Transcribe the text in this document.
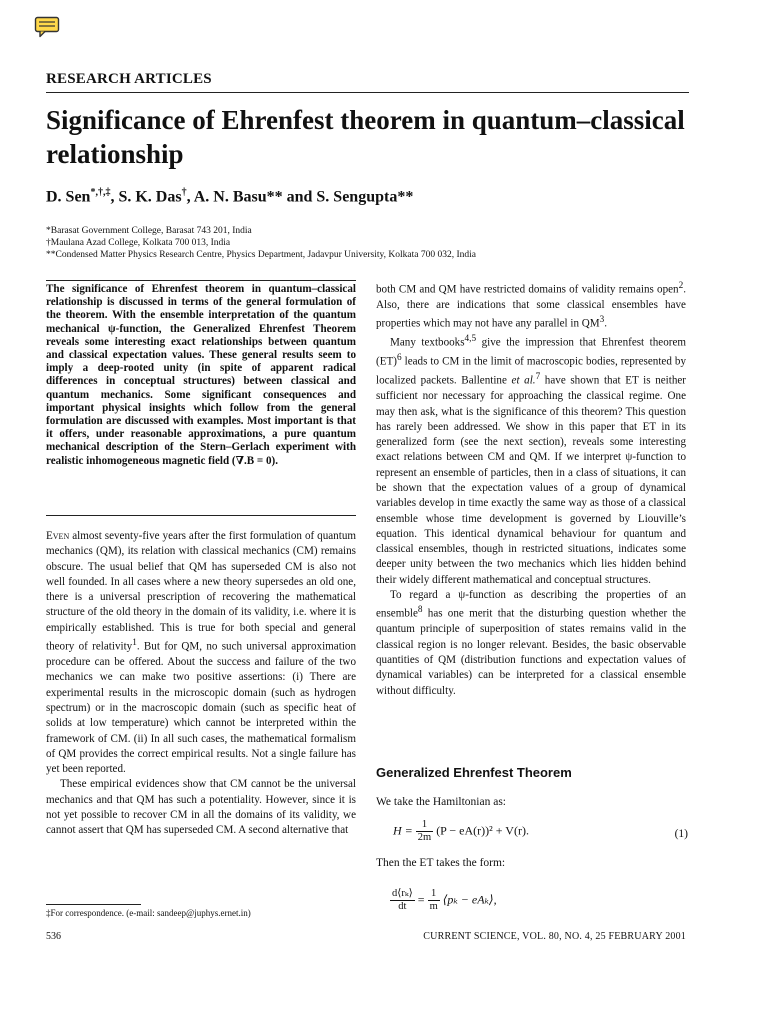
RESEARCH ARTICLES
Significance of Ehrenfest theorem in quantum–classical relationship
D. Sen*,†,‡, S. K. Das†, A. N. Basu** and S. Sengupta**
*Barasat Government College, Barasat 743 201, India
†Maulana Azad College, Kolkata 700 013, India
**Condensed Matter Physics Research Centre, Physics Department, Jadavpur University, Kolkata 700 032, India
The significance of Ehrenfest theorem in quantum–classical relationship is discussed in terms of the general formulation of the theorem. With the ensemble interpretation of the quantum mechanical ψ-function, the Generalized Ehrenfest Theorem reveals some interesting exact relationships between quantum and classical expectation values. These general results seem to imply a deep-rooted unity (in spite of apparent radical differences in conceptual structures) between classical and quantum mechanics. Some significant consequences and important physical insights which follow from the general formulation are discussed with examples. Most important is that it offers, under reasonable approximations, a pure quantum mechanical description of the Stern–Gerlach experiment with realistic inhomogeneous magnetic field (∇.B = 0).

Even almost seventy-five years after the first formulation of quantum mechanics (QM), its relation with classical mechanics (CM) remains obscure. The usual belief that QM has superseded CM is also not well founded. In all cases where a new theory supersedes an old one, there is a universal prescription of recovering the mathematical structure of the old theory in the domain of its validity, i.e. where it is empirically established. This is true for both special and general theory of relativity$^1$. But for QM, no such universal approximation procedure can be offered. About the success and failure of the two mechanics we can make two positive assertions: (i) There are experimental results in the microscopic domain (such as hydrogen spectrum) or in the macroscopic domain (such as specific heat of solids at low temperature) which cannot be interpreted within the framework of CM. (ii) In all such cases, the mathematical formalism of QM provides the correct empirical results. Not a single failure has yet been reported.

These empirical evidences show that CM cannot be the universal mechanics and that QM has such a potentiality. However, since it is not yet possible to recover CM in all the domains of its validity, we cannot assert that QM has superseded CM. A second alternative that

both CM and QM have restricted domains of validity remains open$^2$. Also, there are indications that some classical ensembles have properties which may not have any parallel in $QM^3$.

Many textbooks$^{4,5}$ give the impression that Ehrenfest theorem (ET)$^6$ leads to CM in the limit of macroscopic bodies, represented by localized packets. Ballentine et al.$^7$ have shown that ET is neither sufficient nor necessary for approaching the classical regime. One may then ask, what is the significance of this theorem? This question has rarely been addressed. We show in this paper that ET in its generalized form (see the next section), reveals some interesting exact relations between CM and QM. If we interpret ψ-function to represent an ensemble of particles, then in a class of situations, it can be shown that the expectation values of a group of dynamical variables develop in time exactly the same way as those of a classical ensemble whose time development is governed by Liouville’s equation. This identical dynamical behaviour for quantum and classical ensembles, though in restricted situations, indicates some deeper unity between the two mechanics which lies hidden behind their widely different mathematical and conceptual structures.

To regard a ψ-function as describing the properties of an ensemble$^8$ has one merit that the disturbing question whether the quantum principle of superposition of states remains valid in the classical region is no longer relevant. Besides, the basic observable quantities of QM (distribution functions and expectation values of dynamical variables) can be interpreted for a classical ensemble without difficulty.

Generalized Ehrenfest Theorem
We take the Hamiltonian as:
$H = \frac{1}{2m} (P - eA(r))^2 + V(r)$.	(1)
Then the ET takes the form:
$\frac{\text{d⟨rₖ⟩}}{dt} = \frac{1}{m}$ ⟨pₖ − eAₖ⟩,
‡For correspondence. (e-mail: sandeep@juphys.ernet.in)
536	CURRENT SCIENCE, VOL. 80, NO. 4, 25 FEBRUARY 2001
